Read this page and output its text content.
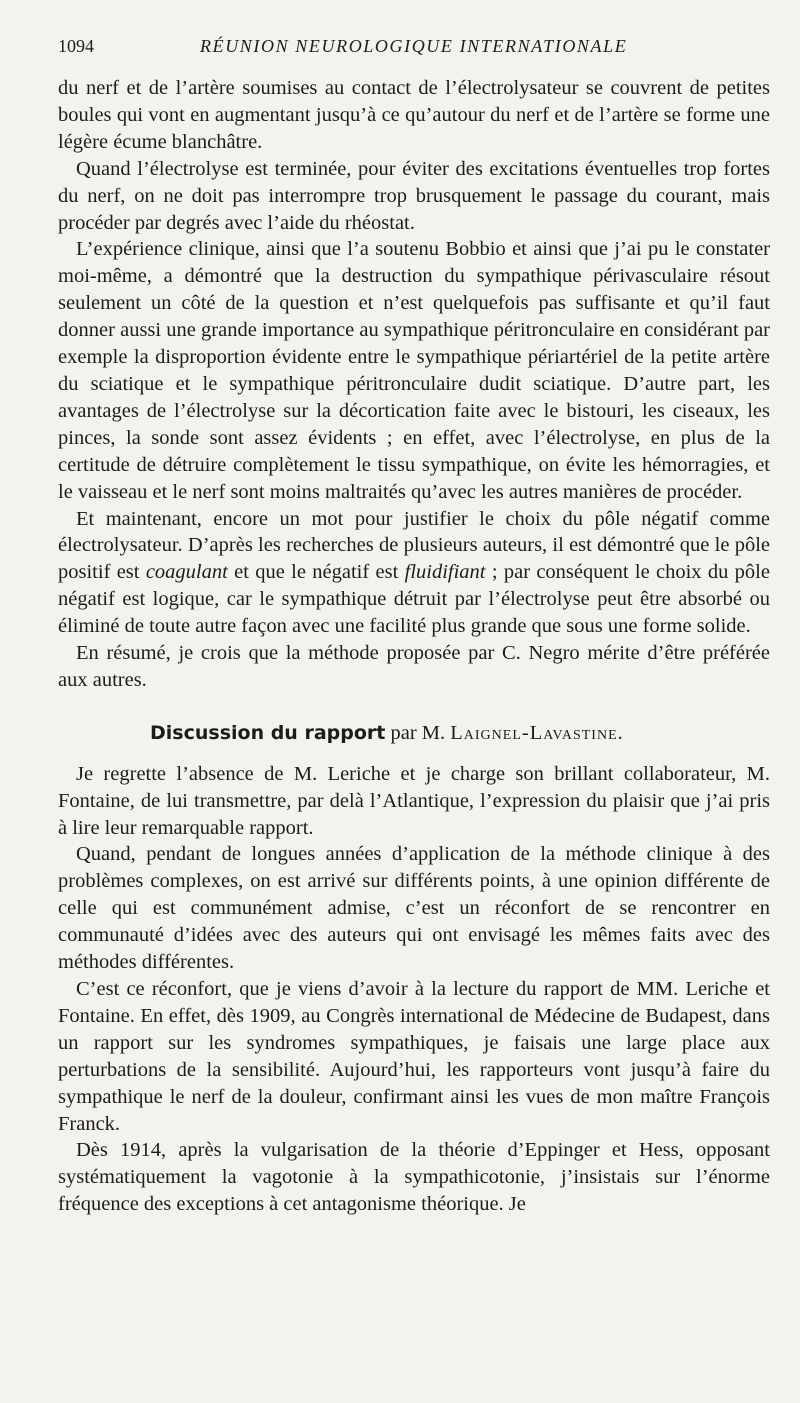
1094	RÉUNION NEUROLOGIQUE INTERNATIONALE

du nerf et de l’artère soumises au contact de l’électrolysateur se couvrent de petites boules qui vont en augmentant jusqu’à ce qu’autour du nerf et de l’artère se forme une légère écume blanchâtre.

Quand l’électrolyse est terminée, pour éviter des excitations éventuelles trop fortes du nerf, on ne doit pas interrompre trop brusquement le passage du courant, mais procéder par degrés avec l’aide du rhéostat.

L’expérience clinique, ainsi que l’a soutenu Bobbio et ainsi que j’ai pu le constater moi-même, a démontré que la destruction du sympathique périvasculaire résout seulement un côté de la question et n’est quelquefois pas suffisante et qu’il faut donner aussi une grande importance au sympathique péritronculaire en considérant par exemple la disproportion évidente entre le sympathique périartériel de la petite artère du sciatique et le sympathique péritronculaire dudit sciatique. D’autre part, les avantages de l’électrolyse sur la décortication faite avec le bistouri, les ciseaux, les pinces, la sonde sont assez évidents ; en effet, avec l’électrolyse, en plus de la certitude de détruire complètement le tissu sympathique, on évite les hémorragies, et le vaisseau et le nerf sont moins maltraités qu’avec les autres manières de procéder.

Et maintenant, encore un mot pour justifier le choix du pôle négatif comme électrolysateur. D’après les recherches de plusieurs auteurs, il est démontré que le pôle positif est coagulant et que le négatif est fluidifiant ; par conséquent le choix du pôle négatif est logique, car le sympathique détruit par l’électrolyse peut être absorbé ou éliminé de toute autre façon avec une facilité plus grande que sous une forme solide.

En résumé, je crois que la méthode proposée par C. Negro mérite d’être préférée aux autres.

Discussion du rapport par M. Laignel-Lavastine.

Je regrette l’absence de M. Leriche et je charge son brillant collaborateur, M. Fontaine, de lui transmettre, par delà l’Atlantique, l’expression du plaisir que j’ai pris à lire leur remarquable rapport.

Quand, pendant de longues années d’application de la méthode clinique à des problèmes complexes, on est arrivé sur différents points, à une opinion différente de celle qui est communément admise, c’est un réconfort de se rencontrer en communauté d’idées avec des auteurs qui ont envisagé les mêmes faits avec des méthodes différentes.

C’est ce réconfort, que je viens d’avoir à la lecture du rapport de MM. Leriche et Fontaine. En effet, dès 1909, au Congrès international de Médecine de Budapest, dans un rapport sur les syndromes sympathiques, je faisais une large place aux perturbations de la sensibilité. Aujourd’hui, les rapporteurs vont jusqu’à faire du sympathique le nerf de la douleur, confirmant ainsi les vues de mon maître François Franck.

Dès 1914, après la vulgarisation de la théorie d’Eppinger et Hess, opposant systématiquement la vagotonie à la sympathicotonie, j’insistais sur l’énorme fréquence des exceptions à cet antagonisme théorique. Je
